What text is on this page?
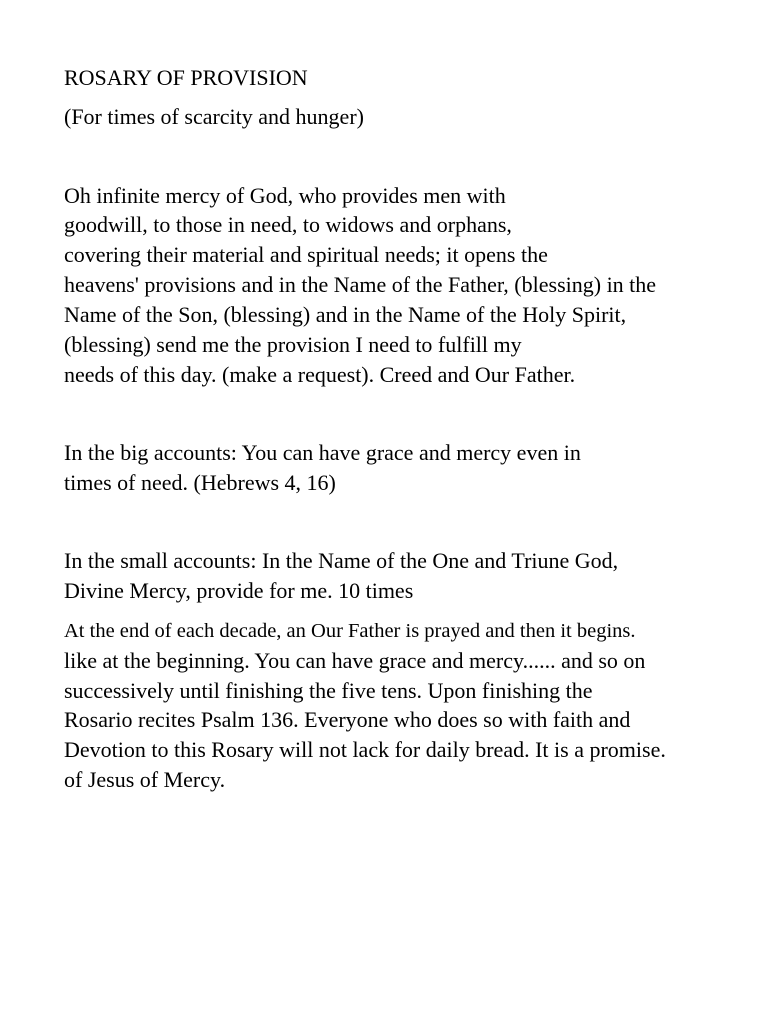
ROSARY OF PROVISION
(For times of scarcity and hunger)
Oh infinite mercy of God, who provides men with
goodwill, to those in need, to widows and orphans,
covering their material and spiritual needs; it opens the
heavens' provisions and in the Name of the Father, (blessing) in the
Name of the Son, (blessing) and in the Name of the Holy Spirit,
(blessing) send me the provision I need to fulfill my
needs of this day. (make a request). Creed and Our Father.
In the big accounts: You can have grace and mercy even in
times of need. (Hebrews 4, 16)
In the small accounts: In the Name of the One and Triune God,
Divine Mercy, provide for me. 10 times
At the end of each decade, an Our Father is prayed and then it begins.
like at the beginning. You can have grace and mercy...... and so on
successively until finishing the five tens. Upon finishing the
Rosario recites Psalm 136. Everyone who does so with faith and
Devotion to this Rosary will not lack for daily bread. It is a promise.
of Jesus of Mercy.
